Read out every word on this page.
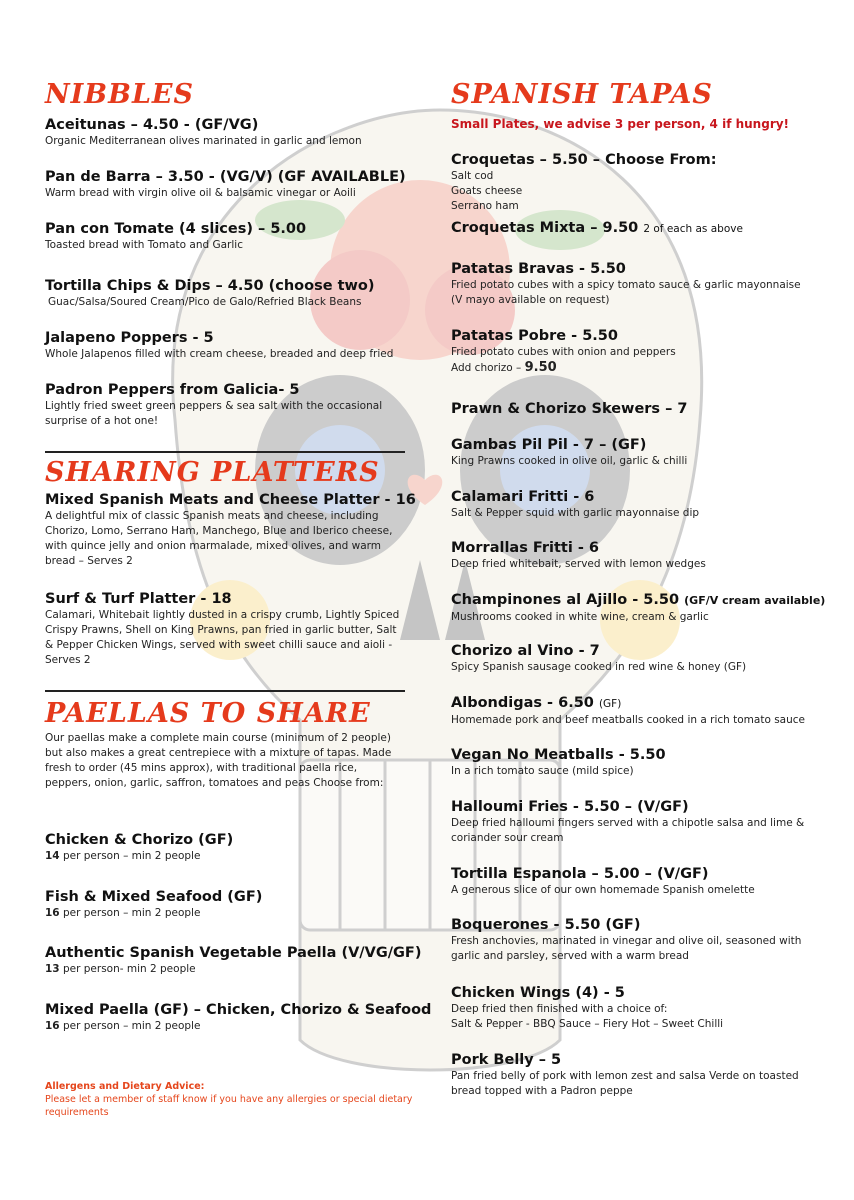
NIBBLES
Aceitunas – 4.50 - (GF/VG)
Organic Mediterranean olives marinated in garlic and lemon
Pan de Barra – 3.50 - (VG/V) (GF AVAILABLE)
Warm bread with virgin olive oil & balsamic vinegar or Aoili
Pan con Tomate (4 slices) – 5.00
Toasted bread with Tomato and Garlic
Tortilla Chips & Dips – 4.50 (choose two)
Guac/Salsa/Soured Cream/Pico de Galo/Refried Black Beans
Jalapeno Poppers - 5
Whole Jalapenos filled with cream cheese, breaded and deep fried
Padron Peppers from Galicia- 5
Lightly fried sweet green peppers & sea salt with the occasional surprise of a hot one!
SHARING PLATTERS
Mixed Spanish Meats and Cheese Platter - 16
A delightful mix of classic Spanish meats and cheese, including Chorizo, Lomo, Serrano Ham, Manchego, Blue and Iberico cheese, with quince jelly and onion marmalade, mixed olives, and warm bread – Serves 2
Surf & Turf Platter - 18
Calamari, Whitebait lightly dusted in a crispy crumb, Lightly Spiced Crispy Prawns, Shell on King Prawns, pan fried in garlic butter, Salt & Pepper Chicken Wings, served with sweet chilli sauce and aioli - Serves 2
PAELLAS TO SHARE
Our paellas make a complete main course (minimum of 2 people) but also makes a great centrepiece with a mixture of tapas. Made fresh to order (45 mins approx), with traditional paella rice, peppers, onion, garlic, saffron, tomatoes and peas Choose from:
Chicken & Chorizo (GF)
14 per person – min 2 people
Fish & Mixed Seafood (GF)
16 per person – min 2 people
Authentic Spanish Vegetable Paella (V/VG/GF)
13 per person- min 2 people
Mixed Paella (GF) – Chicken, Chorizo & Seafood
16 per person – min 2 people
Allergens and Dietary Advice:
Please let a member of staff know if you have any allergies or special dietary requirements
SPANISH TAPAS
Small Plates, we advise 3 per person, 4 if hungry!
Croquetas – 5.50 – Choose From:
Salt cod
Goats cheese
Serrano ham
Croquetas Mixta – 9.50 2 of each as above
Patatas Bravas - 5.50
Fried potato cubes with a spicy tomato sauce & garlic mayonnaise (V mayo available on request)
Patatas Pobre - 5.50
Fried potato cubes with onion and peppers
Add chorizo – 9.50
Prawn & Chorizo Skewers – 7
Gambas Pil Pil - 7 – (GF)
King Prawns cooked in olive oil, garlic & chilli
Calamari Fritti - 6
Salt & Pepper squid with garlic mayonnaise dip
Morrallas Fritti - 6
Deep fried whitebait, served with lemon wedges
Champinones al Ajillo - 5.50 (GF/V cream available)
Mushrooms cooked in white wine, cream & garlic
Chorizo al Vino - 7
Spicy Spanish sausage cooked in red wine & honey (GF)
Albondigas - 6.50 (GF)
Homemade pork and beef meatballs cooked in a rich tomato sauce
Vegan No Meatballs - 5.50
In a rich tomato sauce (mild spice)
Halloumi Fries - 5.50 – (V/GF)
Deep fried halloumi fingers served with a chipotle salsa and lime & coriander sour cream
Tortilla Espanola – 5.00 – (V/GF)
A generous slice of our own homemade Spanish omelette
Boquerones - 5.50 (GF)
Fresh anchovies, marinated in vinegar and olive oil, seasoned with garlic and parsley, served with a warm bread
Chicken Wings (4) - 5
Deep fried then finished with a choice of:
Salt & Pepper - BBQ Sauce – Fiery Hot – Sweet Chilli
Pork Belly – 5
Pan fried belly of pork with lemon zest and salsa Verde on toasted bread topped with a Padron peppe
